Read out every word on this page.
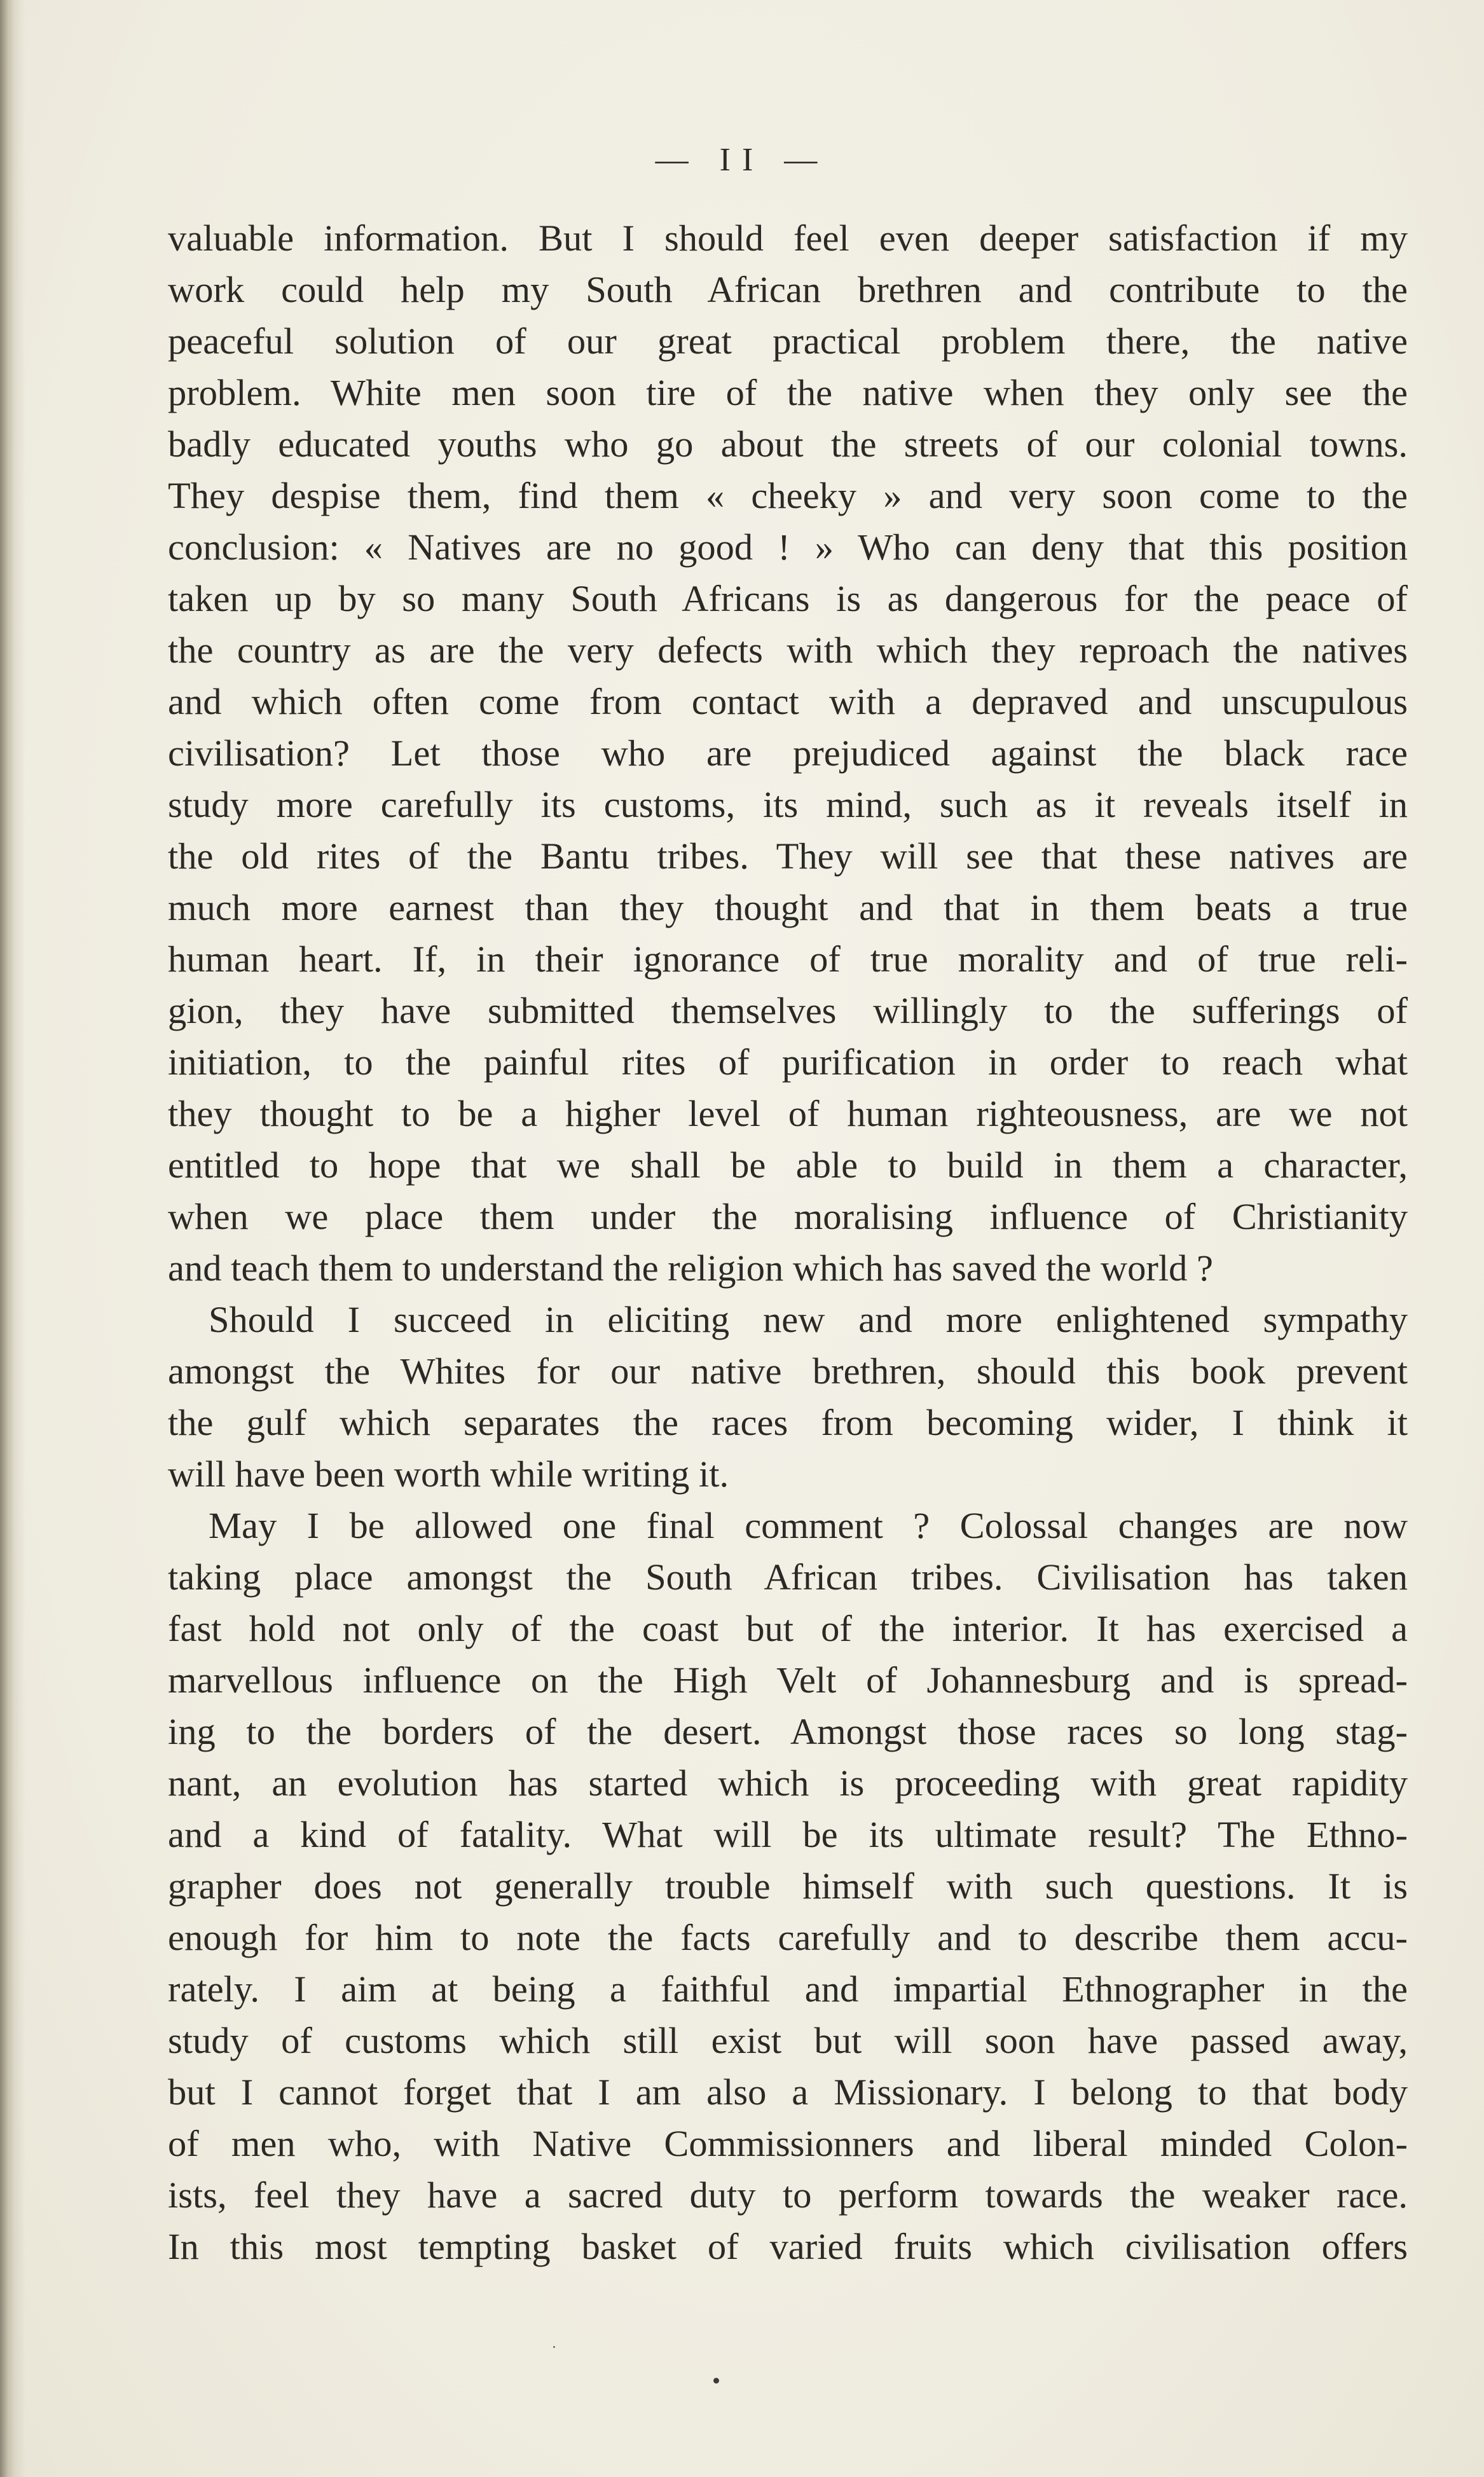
— II —
valuable information. But I should feel even deeper satisfaction if my
work could help my South African brethren and contribute to the
peaceful solution of our great practical problem there, the native
problem. White men soon tire of the native when they only see the
badly educated youths who go about the streets of our colonial towns.
They despise them, find them « cheeky » and very soon come to the
conclusion: « Natives are no good ! » Who can deny that this position
taken up by so many South Africans is as dangerous for the peace of
the country as are the very defects with which they reproach the natives
and which often come from contact with a depraved and unscupulous
civilisation? Let those who are prejudiced against the black race
study more carefully its customs, its mind, such as it reveals itself in
the old rites of the Bantu tribes. They will see that these natives are
much more earnest than they thought and that in them beats a true
human heart. If, in their ignorance of true morality and of true reli-
gion, they have submitted themselves willingly to the sufferings of
initiation, to the painful rites of purification in order to reach what
they thought to be a higher level of human righteousness, are we not
entitled to hope that we shall be able to build in them a character,
when we place them under the moralising influence of Christianity
and teach them to understand the religion which has saved the world ?
Should I succeed in eliciting new and more enlightened sympathy
amongst the Whites for our native brethren, should this book prevent
the gulf which separates the races from becoming wider, I think it
will have been worth while writing it.
May I be allowed one final comment ? Colossal changes are now
taking place amongst the South African tribes. Civilisation has taken
fast hold not only of the coast but of the interior. It has exercised a
marvellous influence on the High Velt of Johannesburg and is spread-
ing to the borders of the desert. Amongst those races so long stag-
nant, an evolution has started which is proceeding with great rapidity
and a kind of fatality. What will be its ultimate result? The Ethno-
grapher does not generally trouble himself with such questions. It is
enough for him to note the facts carefully and to describe them accu-
rately. I aim at being a faithful and impartial Ethnographer in the
study of customs which still exist but will soon have passed away,
but I cannot forget that I am also a Missionary. I belong to that body
of men who, with Native Commissionners and liberal minded Colon-
ists, feel they have a sacred duty to perform towards the weaker race.
In this most tempting basket of varied fruits which civilisation offers
